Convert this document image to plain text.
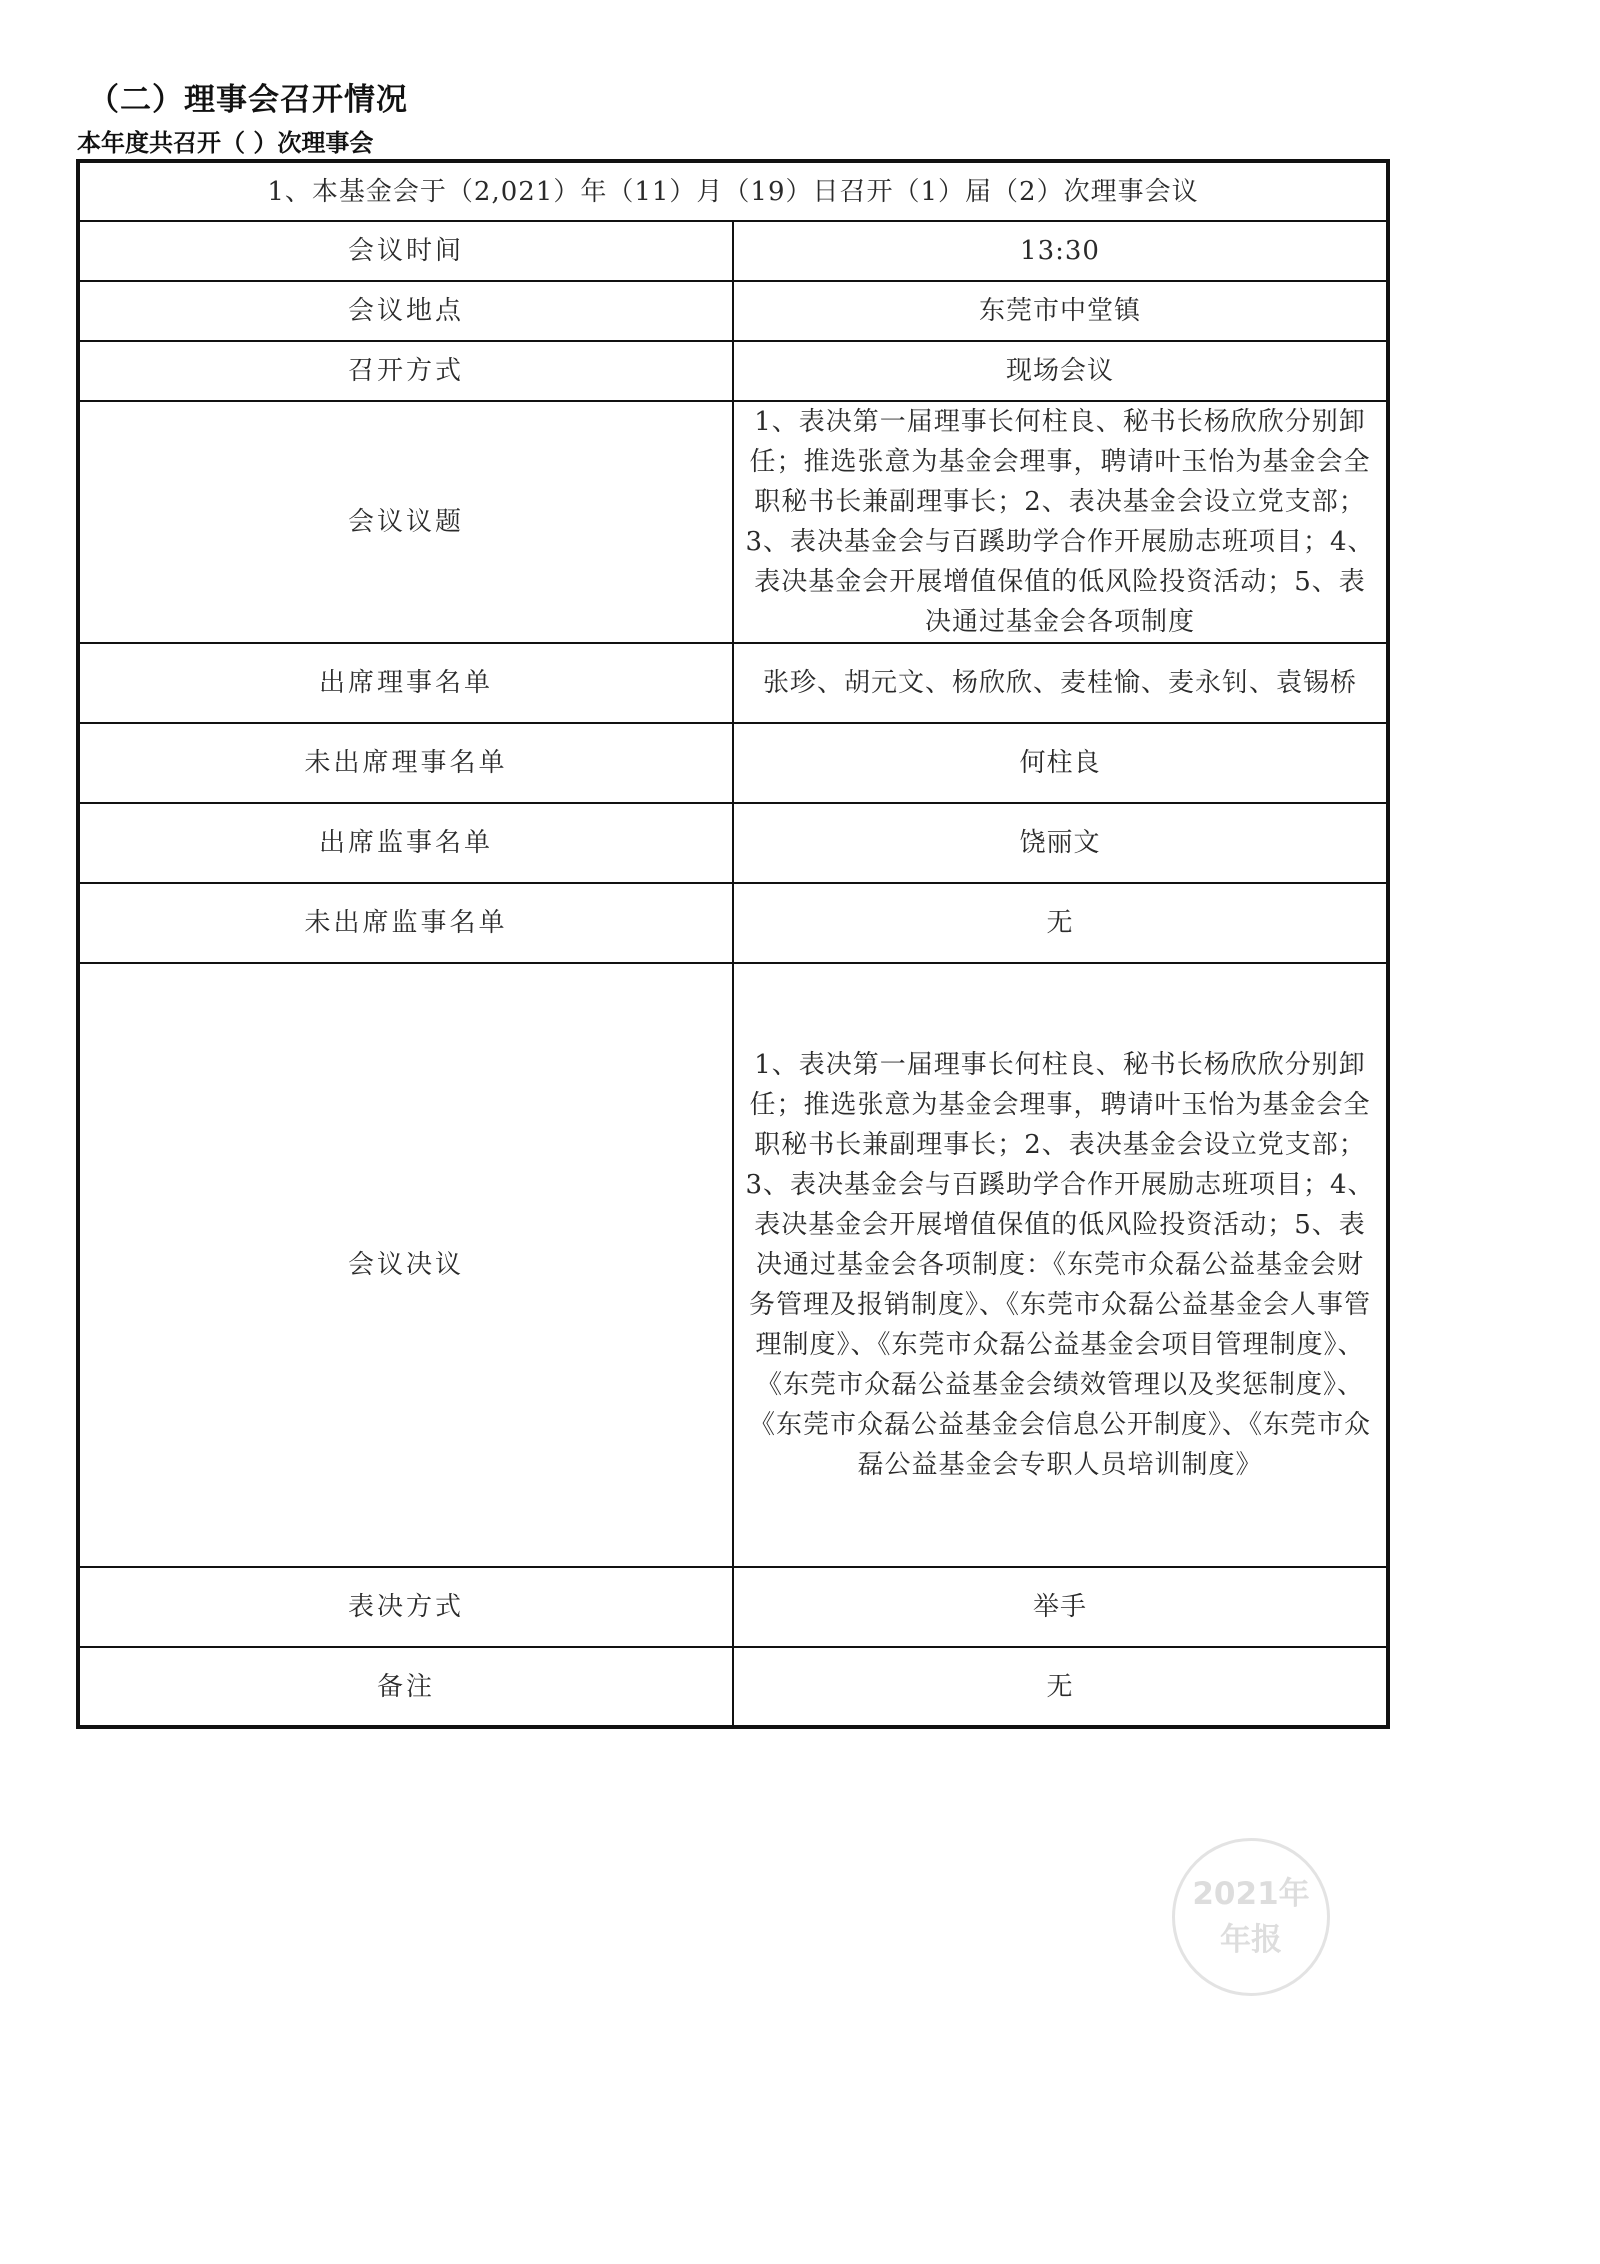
（二）理事会召开情况
本年度共召开（ ）次理事会
1、本基金会于（2,021）年（11）月（19）日召开（1）届（2）次理事会议	
会议时间	13:30
会议地点	东莞市中堂镇
召开方式	现场会议
会议议题	1、表决第一届理事长何柱良、秘书长杨欣欣分别卸任；推选张意为基金会理事，聘请叶玉怡为基金会全职秘书长兼副理事长；2、表决基金会设立党支部；3、表决基金会与百蹊助学合作开展励志班项目；4、表决基金会开展增值保值的低风险投资活动；5、表决通过基金会各项制度
出席理事名单	张珍、胡元文、杨欣欣、麦桂愉、麦永钊、袁锡桥
未出席理事名单	何柱良
出席监事名单	饶丽文
未出席监事名单	无
会议决议	1、表决第一届理事长何柱良、秘书长杨欣欣分别卸任；推选张意为基金会理事，聘请叶玉怡为基金会全职秘书长兼副理事长；2、表决基金会设立党支部；3、表决基金会与百蹊助学合作开展励志班项目；4、表决基金会开展增值保值的低风险投资活动；5、表决通过基金会各项制度：《东莞市众磊公益基金会财务管理及报销制度》、《东莞市众磊公益基金会人事管理制度》、《东莞市众磊公益基金会项目管理制度》、《东莞市众磊公益基金会绩效管理以及奖惩制度》、《东莞市众磊公益基金会信息公开制度》、《东莞市众磊公益基金会专职人员培训制度》
表决方式	举手
备注	无
2021年
年报
